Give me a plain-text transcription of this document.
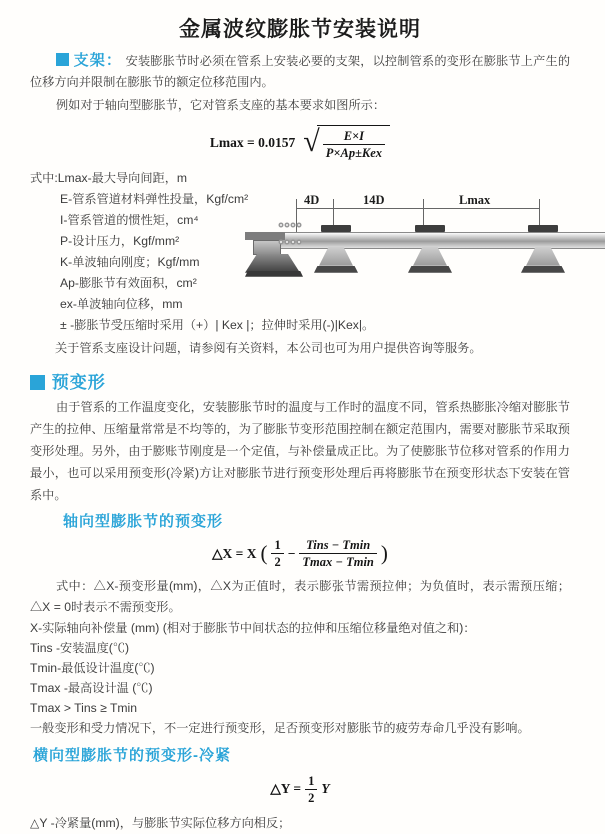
金属波纹膨胀节安装说明

支架： 安装膨胀节时必须在管系上安装必要的支架，以控制管系的变形在膨胀节上产生的位移方向并限制在膨胀节的额定位移范围内。

例如对于轴向型膨胀节，它对管系支座的基本要求如图所示：

Lmax = 0.0157 √ $\frac{E\times I}{\text{P×Ap±Kex}}$

式中:Lmax-最大导向间距，m

E-管系管道材料弹性投量，Kgf/cm²

I-管系管道的惯性矩，cm⁴

P-设计压力，Kgf/mm²

K-单波轴向刚度；Kgf/mm

Ap-膨胀节有效面积，cm²

ex-单波轴向位移，mm

± -膨胀节受压缩时采用（+）| Kex |；拉伸时采用(-)|Kex|。

4D	14D	Lmax

关于管系支座设计问题，请参阅有关资料，本公司也可为用户提供咨询等服务。

预变形

由于管系的工作温度变化，安装膨胀节时的温度与工作时的温度不同，管系热膨胀冷缩对膨胀节产生的拉伸、压缩量常常是不均等的，为了膨胀节变形范围控制在额定范围内，需要对膨胀节采取预变形处理。另外，由于膨账节刚度是一个定值，与补偿量成正比。为了使膨胀节位移对管系的作用力最小，也可以采用预变形(冷紧)方让对膨胀节进行预变形处理后再将膨胀节在预变形状态下安装在管系中。

轴向型膨胀节的预变形
△X = X ( $\frac{1}{2} - \frac{\text{Tins − Tmin}}{Tmax - Tmin}$ )

式中：△X-预变形量(mm)，△X为正值时，表示膨张节需预拉伸；为负值时，表示需预压缩；△X = 0时表示不需预变形。

X-实际轴向补偿量 (mm) (相对于膨胀节中间状态的拉伸和压缩位移量绝对值之和)：

Tins -安装温度(℃)

Tmin-最低设计温度(℃)

Tmax -最高设计温 (℃)

Tmax > Tins ≥ Tmin

一般变形和受力情况下，不一定进行预变形，足否预变形对膨胀节的疲劳寿命几乎没有影响。

横向型膨胀节的预变形-冷紧
△Y = $\frac{1}{2}$ Y

△Y -冷紧量(mm)，与膨胀节实际位移方向相反；
